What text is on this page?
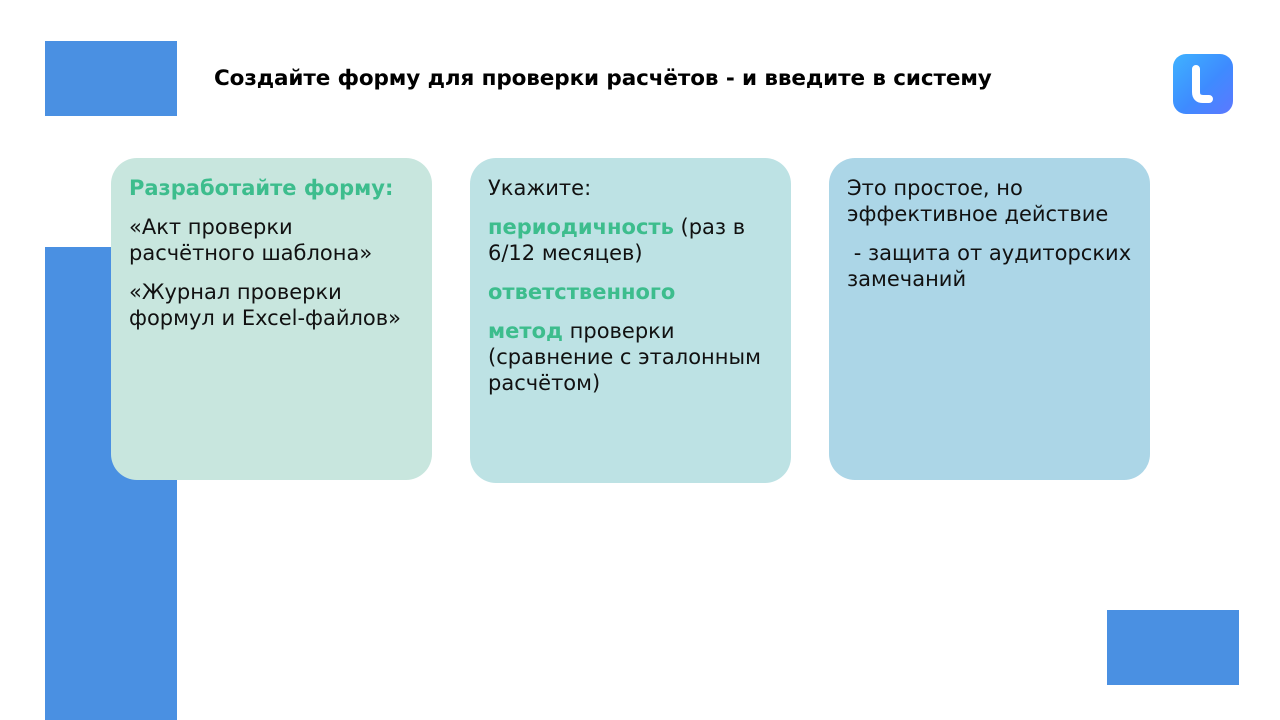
Создайте форму для проверки расчётов - и введите в систему

Разработайте форму:

«Акт проверки расчётного шаблона»

«Журнал проверки формул и Excel-файлов»

Укажите:

периодичность (раз в 6/12 месяцев)

ответственного

метод проверки (сравнение с эталонным расчётом)

Это простое, но эффективное действие

- защита от аудиторских замечаний
